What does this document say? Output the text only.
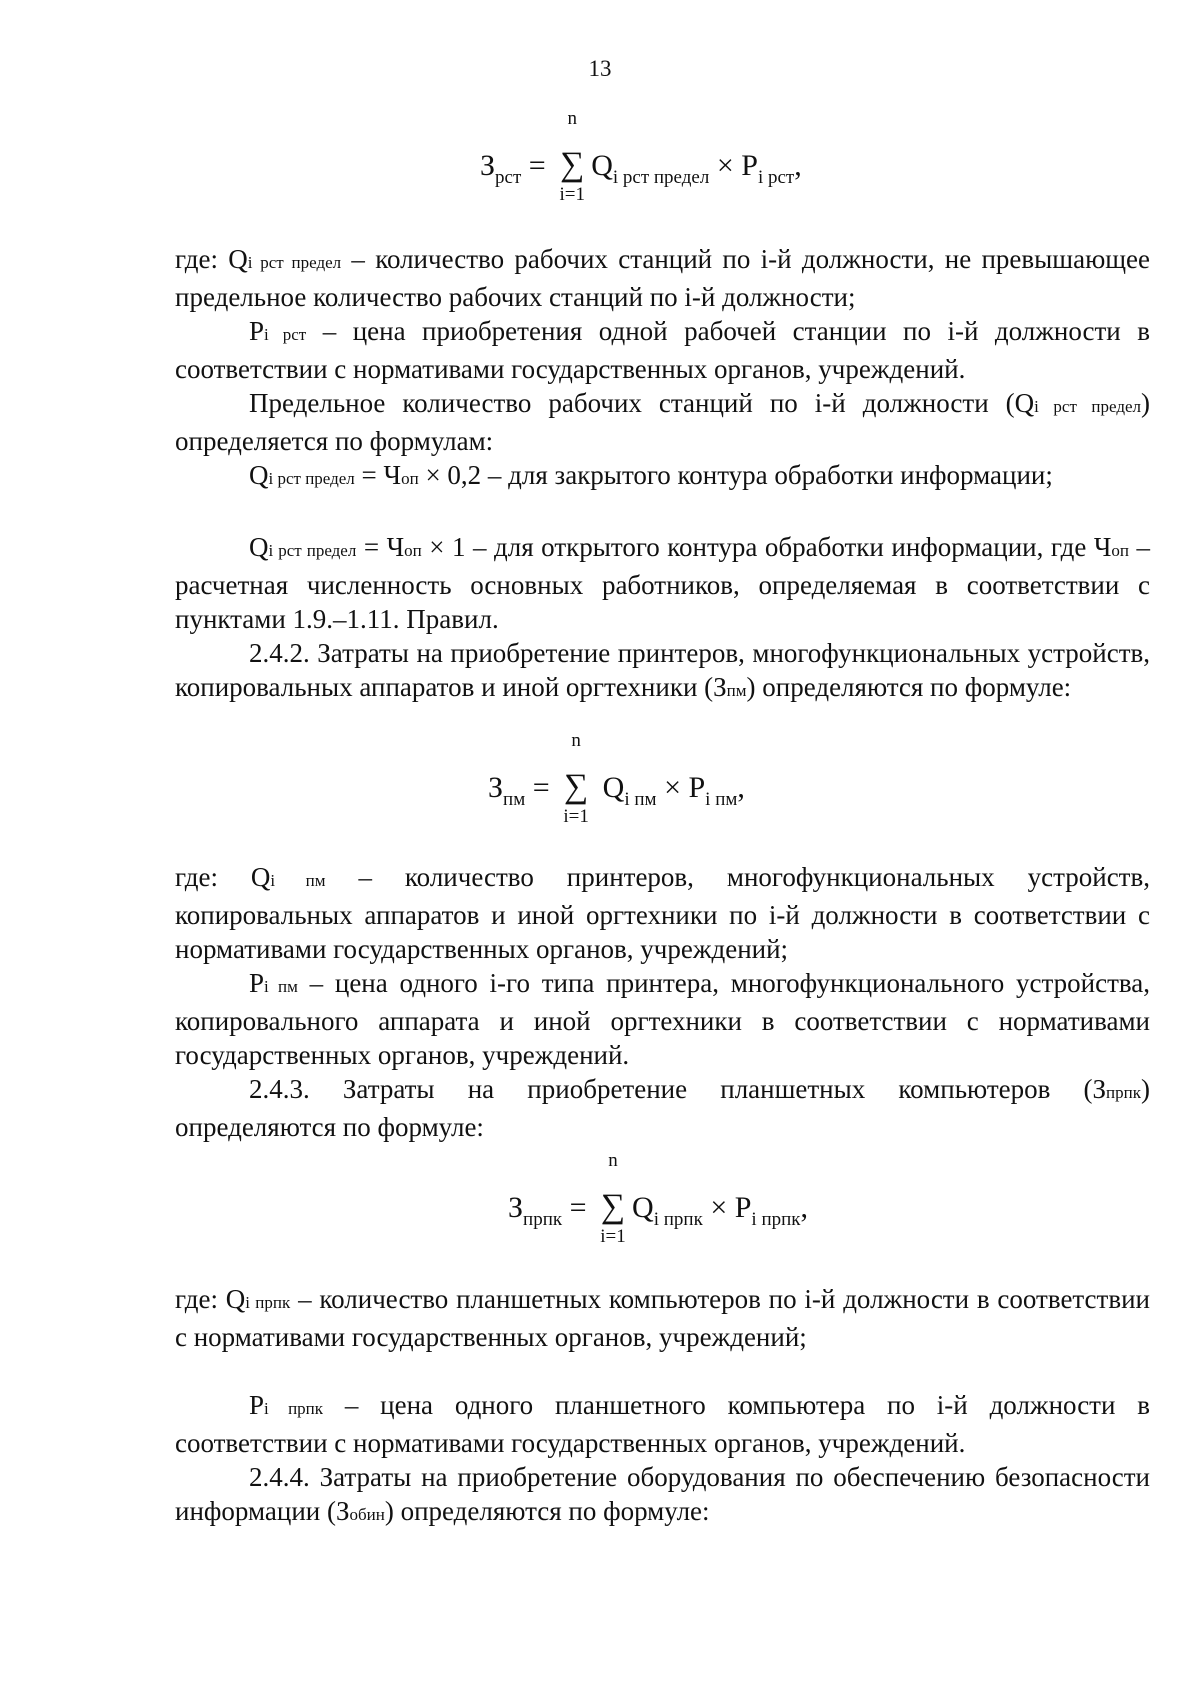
13
$З_{рст}$ =
n
∑
i=1
$Q_{i рст предел} \times P_{i рст}$,

где: Qi рст предел – количество рабочих станций по i-й должности, не превышающее предельное количество рабочих станций по i-й должности;

Pi рст – цена приобретения одной рабочей станции по i-й должности в соответствии с нормативами государственных органов, учреждений.

Предельное количество рабочих станций по i-й должности (Qi рст предел) определяется по формулам:

Qi рст предел = Чоп × 0,2 – для закрытого контура обработки информации;

Qi рст предел = Чоп × 1 – для открытого контура обработки информации, где Чоп – расчетная численность основных работников, определяемая в соответствии с пунктами 1.9.–1.11. Правил.

2.4.2. Затраты на приобретение принтеров, многофункциональных устройств, копировальных аппаратов и иной оргтехники (Зпм) определяются по формуле:

$З_{пм}$ =
n
∑
i=1
$Q_{i пм} \times P_{i пм}$,

где: Qi пм – количество принтеров, многофункциональных устройств, копировальных аппаратов и иной оргтехники по i-й должности в соответствии с нормативами государственных органов, учреждений;

Pi пм – цена одного i-го типа принтера, многофункционального устройства, копировального аппарата и иной оргтехники в соответствии с нормативами государственных органов, учреждений.

2.4.3. Затраты на приобретение планшетных компьютеров (Зпрпк) определяются по формуле:

$З_{прпк}$ =
n
∑
i=1
$Q_{i прпк} \times P_{i прпк}$,

где: Qi прпк – количество планшетных компьютеров по i-й должности в соответствии с нормативами государственных органов, учреждений;

Pi прпк – цена одного планшетного компьютера по i-й должности в соответствии с нормативами государственных органов, учреждений.

2.4.4. Затраты на приобретение оборудования по обеспечению безопасности информации (Зобин) определяются по формуле:
